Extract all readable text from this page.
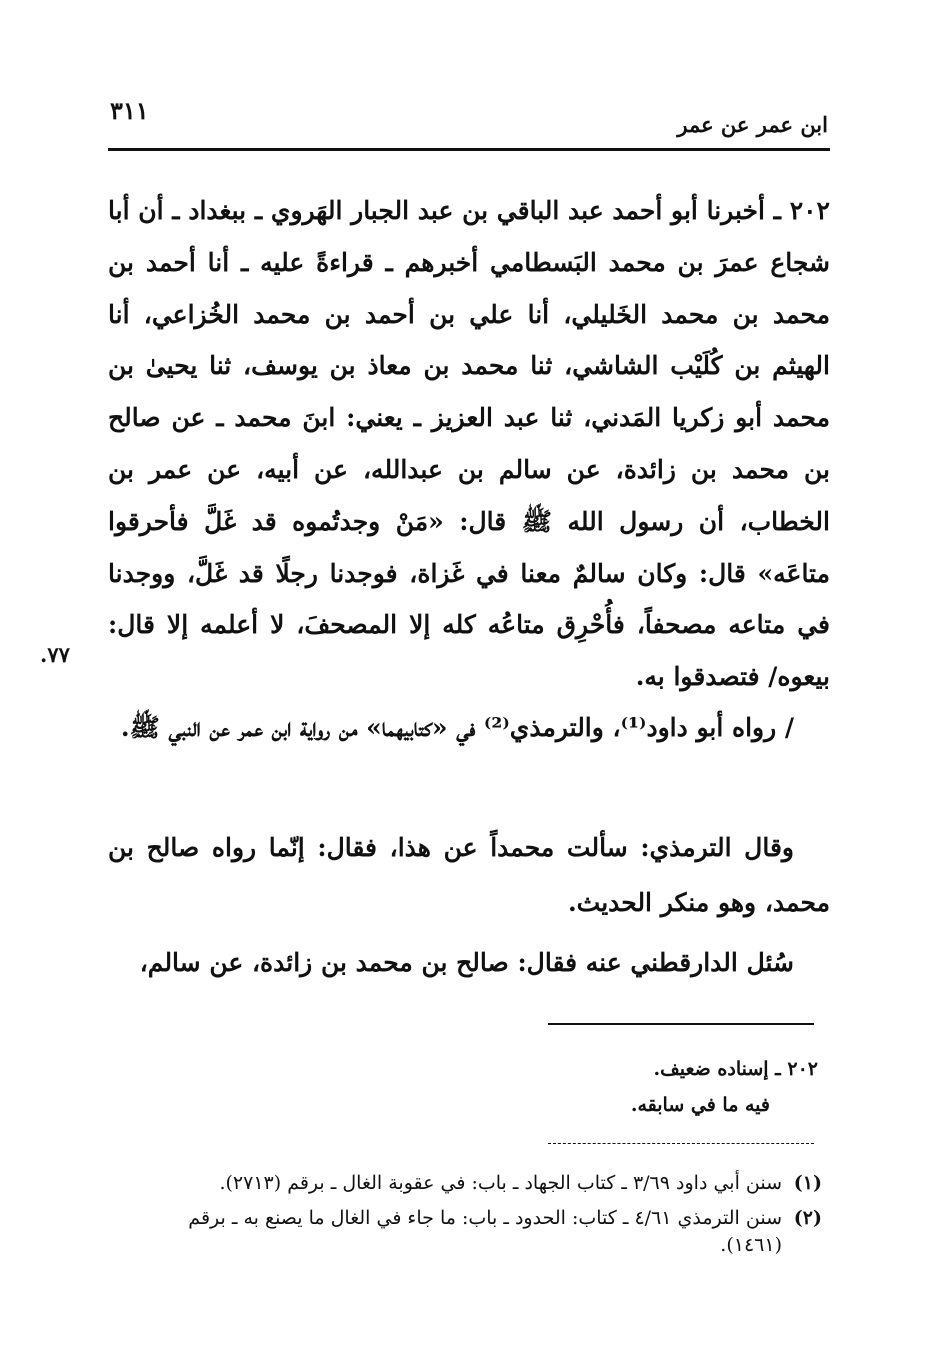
ابن عمر عن عمر
٣١١
٢٠٢ ـ أخبرنا أبو أحمد عبد الباقي بن عبد الجبار الهَروي ـ ببغداد ـ أن أبا شجاع عمرَ بن محمد البَسطامي أخبرهم ـ قراءةً عليه ـ أنا أحمد بن محمد بن محمد الخَليلي، أنا علي بن أحمد بن محمد الخُزاعي، أنا الهيثم بن كُلَيْب الشاشي، ثنا محمد بن معاذ بن يوسف، ثنا يحيىٰ بن محمد أبو زكريا المَدني، ثنا عبد العزيز ـ يعني: ابنَ محمد ـ عن صالح بن محمد بن زائدة، عن سالم بن عبدالله، عن أبيه، عن عمر بن الخطاب، أن رسول الله ﷺ قال: «مَنْ وجدتُموه قد غَلَّ فأحرقوا متاعَه» قال: وكان سالمٌ معنا في غَزاة، فوجدنا رجلًا قد غَلَّ، ووجدنا في متاعه مصحفاً، فأُحْرِق متاعُه كله إلا المصحفَ، لا أعلمه إلا قال: بيعوه/ فتصدقوا به.
٧٧.
/ رواه أبو داود⁽¹⁾، والترمذي⁽²⁾ في «كتابيهما» من رواية ابن عمر عن النبي ﷺ.
وقال الترمذي: سألت محمداً عن هذا، فقال: إنّما رواه صالح بن محمد، وهو منكر الحديث.
سُئل الدارقطني عنه فقال: صالح بن محمد بن زائدة، عن سالم،
٢٠٢ ـ إسناده ضعيف.
فيه ما في سابقه.
(١)سنن أبي داود ٣/٦٩ ـ كتاب الجهاد ـ باب: في عقوبة الغال ـ برقم (٢٧١٣).
(٢)سنن الترمذي ٤/٦١ ـ كتاب: الحدود ـ باب: ما جاء في الغال ما يصنع به ـ برقم
(١٤٦١).
